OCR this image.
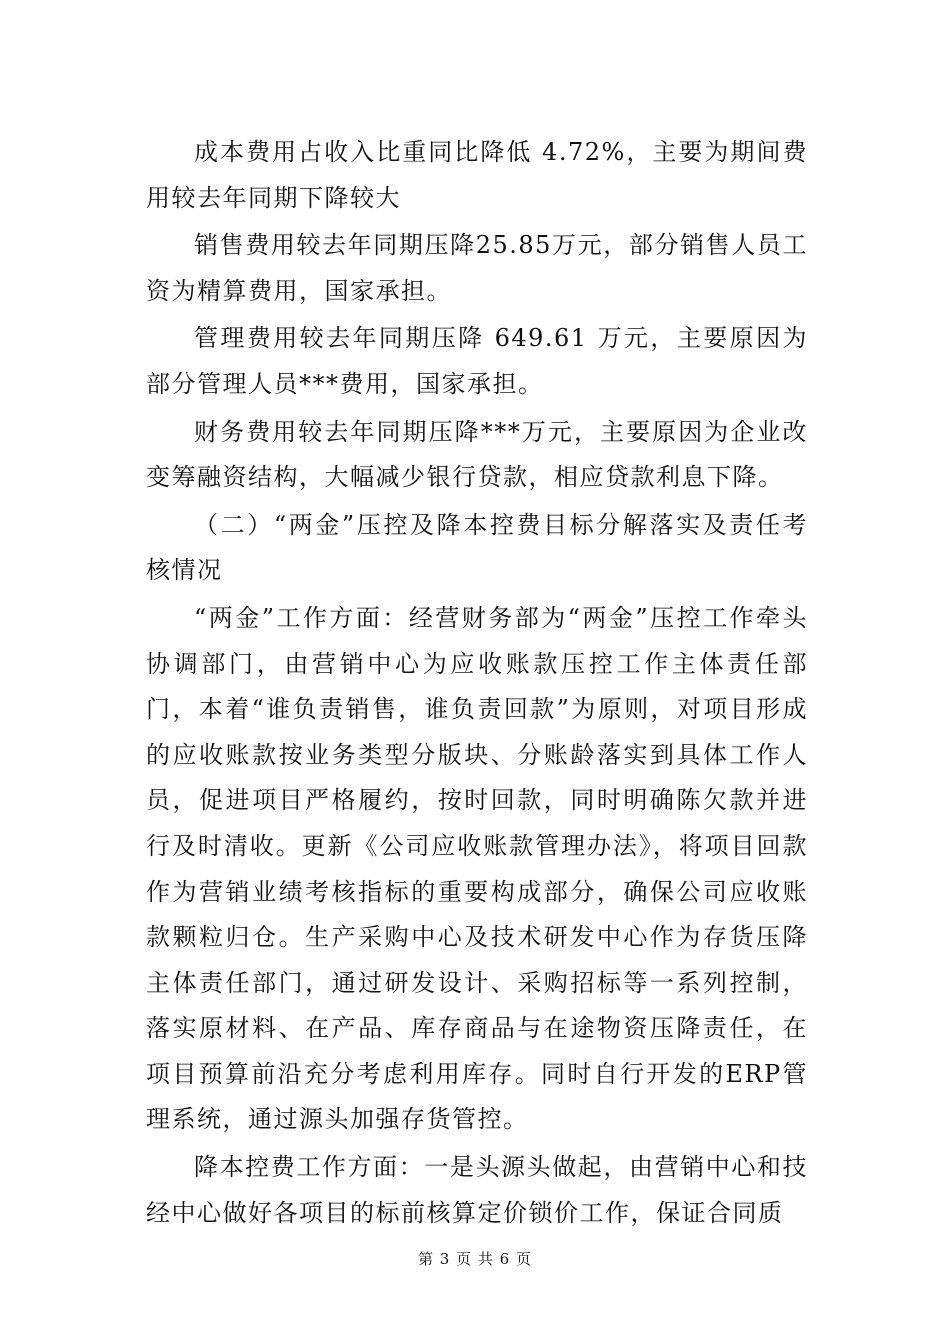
成本费用占收入比重同比降低 4.72%，主要为期间费用较去年同期下降较大

销售费用较去年同期压降25.85万元，部分销售人员工资为精算费用，国家承担。

管理费用较去年同期压降 649.61 万元，主要原因为部分管理人员***费用，国家承担。

财务费用较去年同期压降***万元，主要原因为企业改变筹融资结构，大幅减少银行贷款，相应贷款利息下降。

（二）“两金”压控及降本控费目标分解落实及责任考核情况

“两金”工作方面：经营财务部为“两金”压控工作牵头协调部门，由营销中心为应收账款压控工作主体责任部门，本着“谁负责销售，谁负责回款”为原则，对项目形成的应收账款按业务类型分版块、分账龄落实到具体工作人员，促进项目严格履约，按时回款，同时明确陈欠款并进行及时清收。更新《公司应收账款管理办法》，将项目回款作为营销业绩考核指标的重要构成部分，确保公司应收账款颗粒归仓。生产采购中心及技术研发中心作为存货压降主体责任部门，通过研发设计、采购招标等一系列控制，落实原材料、在产品、库存商品与在途物资压降责任，在项目预算前沿充分考虑利用库存。同时自行开发的ERP管理系统，通过源头加强存货管控。

降本控费工作方面：一是头源头做起，由营销中心和技经中心做好各项目的标前核算定价锁价工作，保证合同质

第 3 页 共 6 页
